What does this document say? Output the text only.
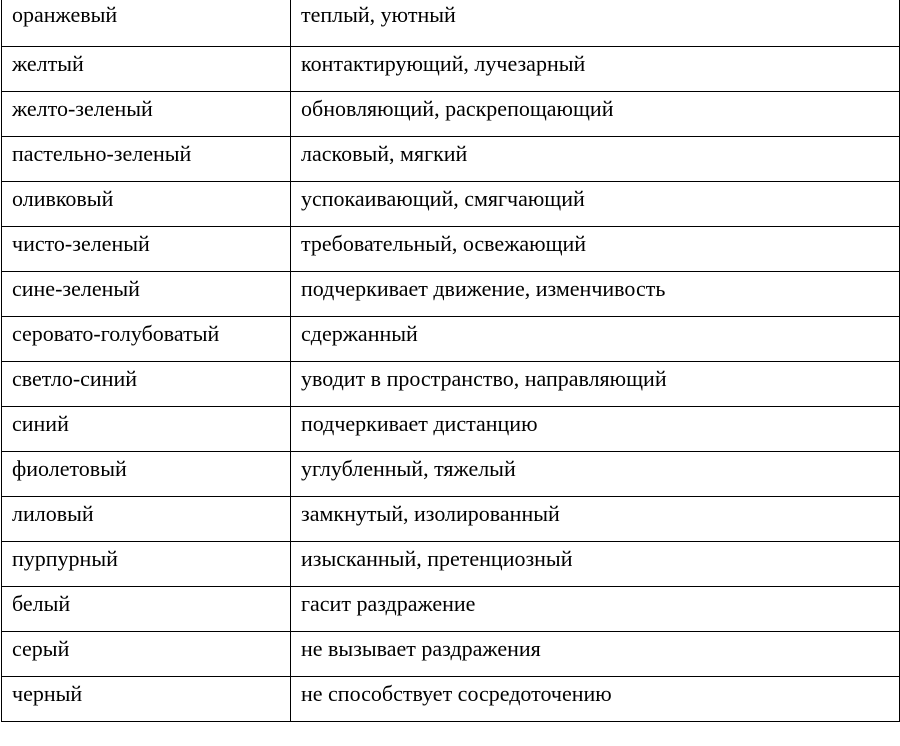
оранжевый	теплый, уютный
желтый	контактирующий, лучезарный
желто-зеленый	обновляющий, раскрепощающий
пастельно-зеленый	ласковый, мягкий
оливковый	успокаивающий, смягчающий
чисто-зеленый	требовательный, освежающий
сине-зеленый	подчеркивает движение, изменчивость
серовато-голубоватый	сдержанный
светло-синий	уводит в пространство, направляющий
синий	подчеркивает дистанцию
фиолетовый	углубленный, тяжелый
лиловый	замкнутый, изолированный
пурпурный	изысканный, претенциозный
белый	гасит раздражение
серый	не вызывает раздражения
черный	не способствует сосредоточению
